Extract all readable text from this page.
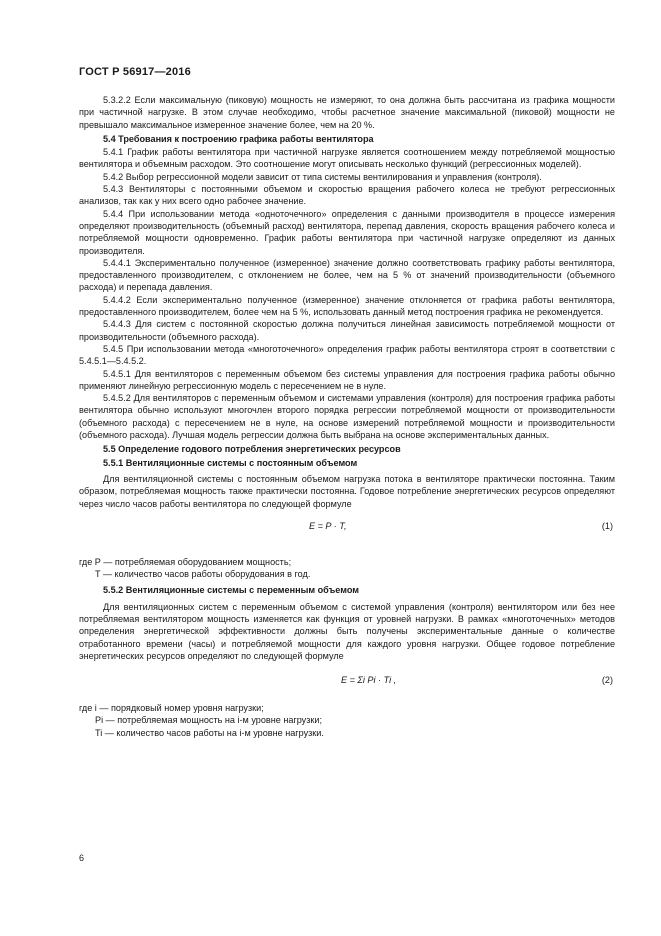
ГОСТ Р 56917—2016

5.3.2.2 Если максимальную (пиковую) мощность не измеряют, то она должна быть рассчитана из графика мощности при частичной нагрузке. В этом случае необходимо, чтобы расчетное значение максимальной (пиковой) мощности не превышало максимальное измеренное значение более, чем на 20 %.

5.4 Требования к построению графика работы вентилятора

5.4.1 График работы вентилятора при частичной нагрузке является соотношением между потребляемой мощностью вентилятора и объемным расходом. Это соотношение могут описывать несколько функций (регрессионных моделей).

5.4.2 Выбор регрессионной модели зависит от типа системы вентилирования и управления (контроля).

5.4.3 Вентиляторы с постоянными объемом и скоростью вращения рабочего колеса не требуют регрессионных анализов, так как у них всего одно рабочее значение.

5.4.4 При использовании метода «одноточечного» определения с данными производителя в процессе измерения определяют производительность (объемный расход) вентилятора, перепад давления, скорость вращения рабочего колеса и потребляемой мощности одновременно. График работы вентилятора при частичной нагрузке определяют из данных производителя.

5.4.4.1 Экспериментально полученное (измеренное) значение должно соответствовать графику работы вентилятора, предоставленного производителем, с отклонением не более, чем на 5 % от значений производительности (объемного расхода) и перепада давления.

5.4.4.2 Если экспериментально полученное (измеренное) значение отклоняется от графика работы вентилятора, предоставленного производителем, более чем на 5 %, использовать данный метод построения графика не рекомендуется.

5.4.4.3 Для систем с постоянной скоростью должна получиться линейная зависимость потребляемой мощности от производительности (объемного расхода).

5.4.5 При использовании метода «многоточечного» определения график работы вентилятора строят в соответствии с 5.4.5.1—5.4.5.2.

5.4.5.1 Для вентиляторов с переменным объемом без системы управления для построения графика работы обычно применяют линейную регрессионную модель с пересечением не в нуле.

5.4.5.2 Для вентиляторов с переменным объемом и системами управления (контроля) для построения графика работы вентилятора обычно используют многочлен второго порядка регрессии потребляемой мощности от производительности (объемного расхода) с пересечением не в нуле, на основе измерений потребляемой мощности и производительности (объемного расхода). Лучшая модель регрессии должна быть выбрана на основе экспериментальных данных.

5.5 Определение годового потребления энергетических ресурсов

5.5.1 Вентиляционные системы с постоянным объемом

Для вентиляционной системы с постоянным объемом нагрузка потока в вентиляторе практически постоянна. Таким образом, потребляемая мощность также практически постоянна. Годовое потребление энергетических ресурсов определяют через число часов работы вентилятора по следующей формуле

E = P · T,	(1)

где P — потребляемая оборудованием мощность;

T — количество часов работы оборудования в год.

5.5.2 Вентиляционные системы с переменным объемом

Для вентиляционных систем с переменным объемом с системой управления (контроля) вентилятором или без нее потребляемая вентилятором мощность изменяется как функция от уровней нагрузки. В рамках «многоточечных» методов определения энергетической эффективности должны быть получены экспериментальные данные о количестве отработанного времени (часы) и потребляемой мощности для каждого уровня нагрузки. Общее годовое потребление энергетических ресурсов определяют по следующей формуле

E = Σi Pi · Ti ,	(2)

где i — порядковый номер уровня нагрузки;

Pi — потребляемая мощность на i-м уровне нагрузки;

Ti — количество часов работы на i-м уровне нагрузки.

6
